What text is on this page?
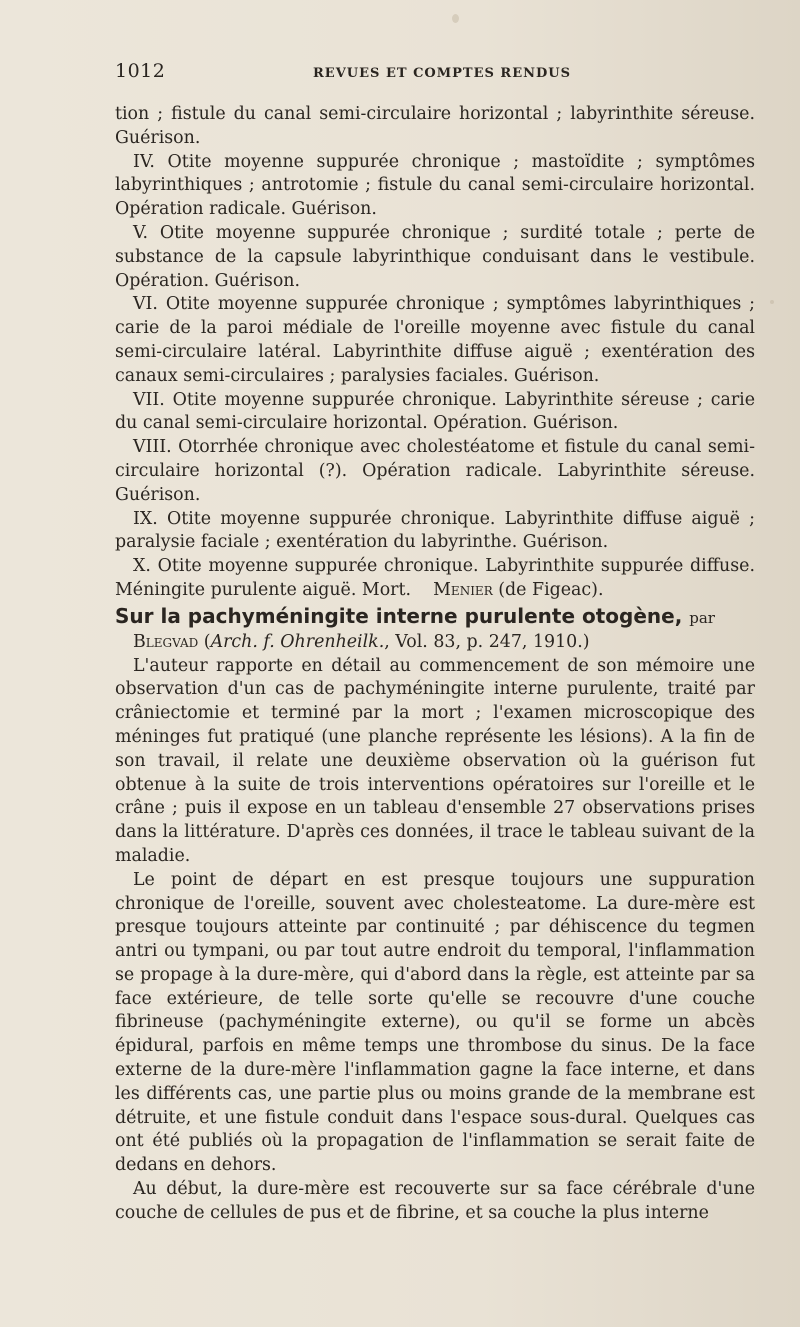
1012	REVUES ET COMPTES RENDUS

tion ; fistule du canal semi-circulaire horizontal ; labyrinthite séreuse. Guérison.

IV. Otite moyenne suppurée chronique ; mastoïdite ; symptômes labyrinthiques ; antrotomie ; fistule du canal semi-circulaire horizontal. Opération radicale. Guérison.

V. Otite moyenne suppurée chronique ; surdité totale ; perte de substance de la capsule labyrinthique conduisant dans le vestibule. Opération. Guérison.

VI. Otite moyenne suppurée chronique ; symptômes labyrinthiques ; carie de la paroi médiale de l'oreille moyenne avec fistule du canal semi-circulaire latéral. Labyrinthite diffuse aiguë ; exentération des canaux semi-circulaires ; paralysies faciales. Guérison.

VII. Otite moyenne suppurée chronique. Labyrinthite séreuse ; carie du canal semi-circulaire horizontal. Opération. Guérison.

VIII. Otorrhée chronique avec cholestéatome et fistule du canal semi-circulaire horizontal (?). Opération radicale. Labyrinthite séreuse. Guérison.

IX. Otite moyenne suppurée chronique. Labyrinthite diffuse aiguë ; paralysie faciale ; exentération du labyrinthe. Guérison.

X. Otite moyenne suppurée chronique. Labyrinthite suppurée diffuse. Méningite purulente aiguë. Mort. Menier (de Figeac).

Sur la pachyméningite interne purulente otogène, par

Blegvad (Arch. f. Ohrenheilk., Vol. 83, p. 247, 1910.)

L'auteur rapporte en détail au commencement de son mémoire une observation d'un cas de pachyméningite interne purulente, traité par crâniectomie et terminé par la mort ; l'examen microscopique des méninges fut pratiqué (une planche représente les lésions). A la fin de son travail, il relate une deuxième observation où la guérison fut obtenue à la suite de trois interventions opératoires sur l'oreille et le crâne ; puis il expose en un tableau d'ensemble 27 observations prises dans la littérature. D'après ces données, il trace le tableau suivant de la maladie.

Le point de départ en est presque toujours une suppuration chronique de l'oreille, souvent avec cholesteatome. La dure-mère est presque toujours atteinte par continuité ; par déhiscence du tegmen antri ou tympani, ou par tout autre endroit du temporal, l'inflammation se propage à la dure-mère, qui d'abord dans la règle, est atteinte par sa face extérieure, de telle sorte qu'elle se recouvre d'une couche fibrineuse (pachyméningite externe), ou qu'il se forme un abcès épidural, parfois en même temps une thrombose du sinus. De la face externe de la dure-mère l'inflammation gagne la face interne, et dans les différents cas, une partie plus ou moins grande de la membrane est détruite, et une fistule conduit dans l'espace sous-dural. Quelques cas ont été publiés où la propagation de l'inflammation se serait faite de dedans en dehors.

Au début, la dure-mère est recouverte sur sa face cérébrale d'une couche de cellules de pus et de fibrine, et sa couche la plus interne
